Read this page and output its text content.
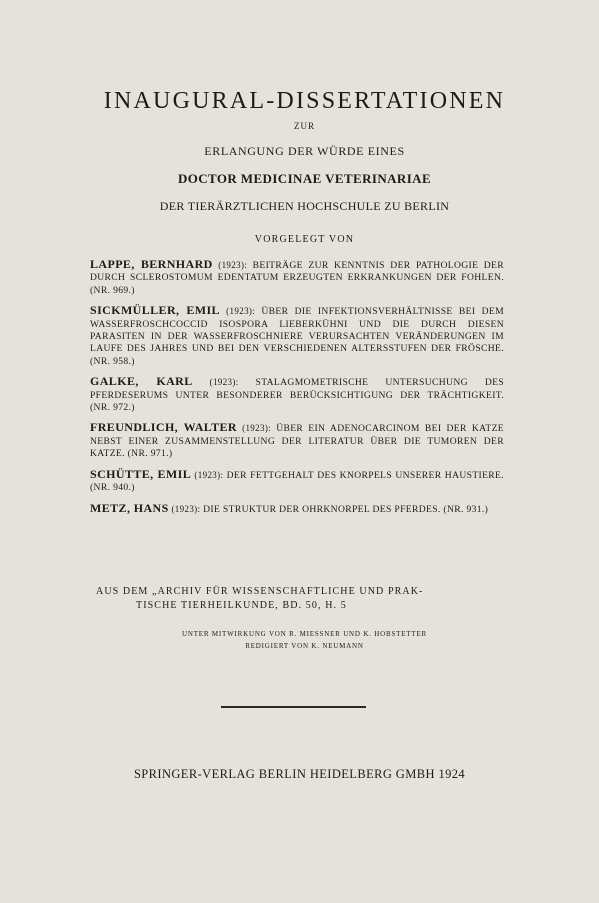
INAUGURAL-DISSERTATIONEN
ZUR
ERLANGUNG DER WÜRDE EINES
DOCTOR MEDICINAE VETERINARIAE
DER TIERÄRZTLICHEN HOCHSCHULE ZU BERLIN
VORGELEGT VON
LAPPE, BERNHARD (1923): BEITRÄGE ZUR KENNTNIS DER PATHOLOGIE DER DURCH SCLEROSTOMUM EDENTATUM ERZEUGTEN ERKRANKUNGEN DER FOHLEN. (NR. 969.)
SICKMÜLLER, EMIL (1923): ÜBER DIE INFEKTIONSVERHÄLTNISSE BEI DEM WASSERFROSCHCOCCID ISOSPORA LIEBERKÜHNI UND DIE DURCH DIESEN PARASITEN IN DER WASSERFROSCHNIERE VERURSACHTEN VERÄNDERUNGEN IM LAUFE DES JAHRES UND BEI DEN VERSCHIEDENEN ALTERSSTUFEN DER FRÖSCHE. (NR. 958.)
GALKE, KARL (1923): STALAGMOMETRISCHE UNTERSUCHUNG DES PFERDESERUMS UNTER BESONDERER BERÜCKSICHTIGUNG DER TRÄCHTIGKEIT. (NR. 972.)
FREUNDLICH, WALTER (1923): ÜBER EIN ADENOCARCINOM BEI DER KATZE NEBST EINER ZUSAMMENSTELLUNG DER LITERATUR ÜBER DIE TUMOREN DER KATZE. (NR. 971.)
SCHÜTTE, EMIL (1923): DER FETTGEHALT DES KNORPELS UNSERER HAUSTIERE. (NR. 940.)
METZ, HANS (1923): DIE STRUKTUR DER OHRKNORPEL DES PFERDES. (NR. 931.)
AUS DEM „ARCHIV FÜR WISSENSCHAFTLICHE UND PRAK-
TISCHE TIERHEILKUNDE, BD. 50, H. 5
UNTER MITWIRKUNG VON R. MIESSNER UND K. HOBSTETTER
REDIGIERT VON K. NEUMANN
SPRINGER-VERLAG BERLIN HEIDELBERG GMBH 1924
